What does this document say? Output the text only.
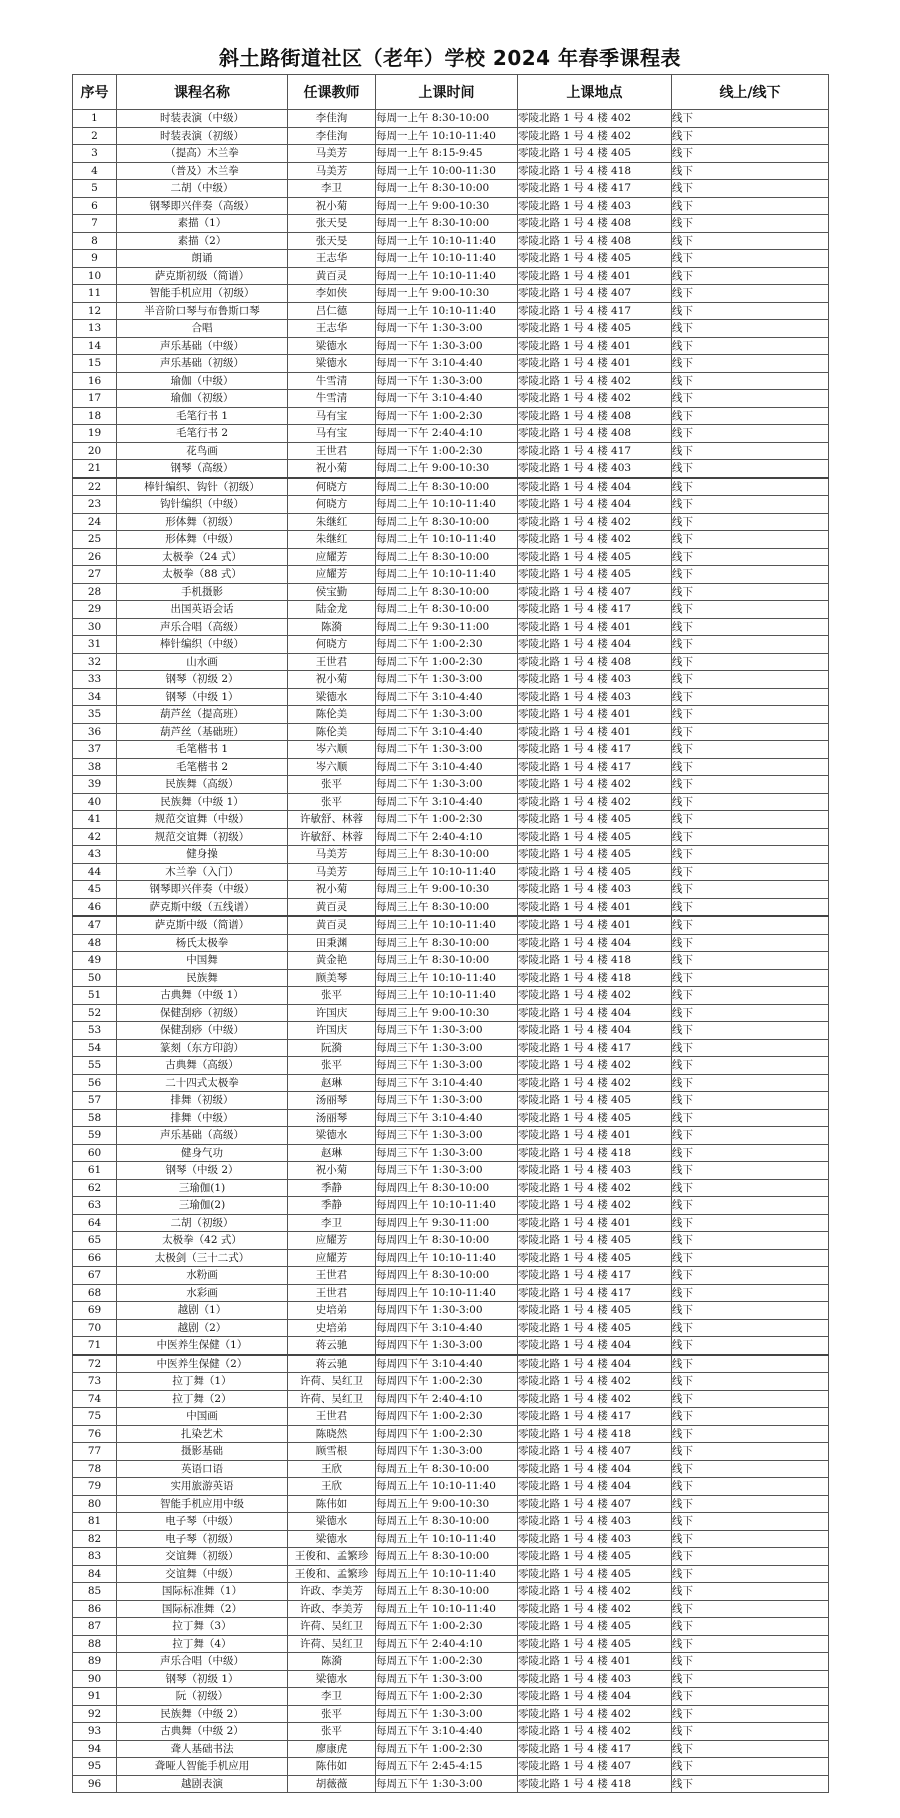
斜土路街道社区（老年）学校 2024 年春季课程表
序号	课程名称	任课教师	上课时间	上课地点	线上/线下
1	时装表演（中级）	李佳洵	每周一上午 8:30-10:00	零陵北路 1 号 4 楼 402	线下
2	时装表演（初级）	李佳洵	每周一上午 10:10-11:40	零陵北路 1 号 4 楼 402	线下
3	（提高）木兰拳	马美芳	每周一上午 8:15-9:45	零陵北路 1 号 4 楼 405	线下
4	（普及）木兰拳	马美芳	每周一上午 10:00-11:30	零陵北路 1 号 4 楼 418	线下
5	二胡（中级）	李卫	每周一上午 8:30-10:00	零陵北路 1 号 4 楼 417	线下
6	钢琴即兴伴奏（高级）	祝小菊	每周一上午 9:00-10:30	零陵北路 1 号 4 楼 403	线下
7	素描（1）	张天旻	每周一上午 8:30-10:00	零陵北路 1 号 4 楼 408	线下
8	素描（2）	张天旻	每周一上午 10:10-11:40	零陵北路 1 号 4 楼 408	线下
9	朗诵	王志华	每周一上午 10:10-11:40	零陵北路 1 号 4 楼 405	线下
10	萨克斯初级（简谱）	黄百灵	每周一上午 10:10-11:40	零陵北路 1 号 4 楼 401	线下
11	智能手机应用（初级）	李如侠	每周一上午 9:00-10:30	零陵北路 1 号 4 楼 407	线下
12	半音阶口琴与布鲁斯口琴	吕仁德	每周一上午 10:10-11:40	零陵北路 1 号 4 楼 417	线下
13	合唱	王志华	每周一下午 1:30-3:00	零陵北路 1 号 4 楼 405	线下
14	声乐基础（中级）	梁德水	每周一下午 1:30-3:00	零陵北路 1 号 4 楼 401	线下
15	声乐基础（初级）	梁德水	每周一下午 3:10-4:40	零陵北路 1 号 4 楼 401	线下
16	瑜伽（中级）	牛雪清	每周一下午 1:30-3:00	零陵北路 1 号 4 楼 402	线下
17	瑜伽（初级）	牛雪清	每周一下午 3:10-4:40	零陵北路 1 号 4 楼 402	线下
18	毛笔行书 1	马有宝	每周一下午 1:00-2:30	零陵北路 1 号 4 楼 408	线下
19	毛笔行书 2	马有宝	每周一下午 2:40-4:10	零陵北路 1 号 4 楼 408	线下
20	花鸟画	王世君	每周一下午 1:00-2:30	零陵北路 1 号 4 楼 417	线下
21	钢琴（高级）	祝小菊	每周二上午 9:00-10:30	零陵北路 1 号 4 楼 403	线下
22	棒针编织、钩针（初级）	何晓方	每周二上午 8:30-10:00	零陵北路 1 号 4 楼 404	线下
23	钩针编织（中级）	何晓方	每周二上午 10:10-11:40	零陵北路 1 号 4 楼 404	线下
24	形体舞（初级）	朱继红	每周二上午 8:30-10:00	零陵北路 1 号 4 楼 402	线下
25	形体舞（中级）	朱继红	每周二上午 10:10-11:40	零陵北路 1 号 4 楼 402	线下
26	太极拳（24 式）	应耀芳	每周二上午 8:30-10:00	零陵北路 1 号 4 楼 405	线下
27	太极拳（88 式）	应耀芳	每周二上午 10:10-11:40	零陵北路 1 号 4 楼 405	线下
28	手机摄影	侯宝勤	每周二上午 8:30-10:00	零陵北路 1 号 4 楼 407	线下
29	出国英语会话	陆金龙	每周二上午 8:30-10:00	零陵北路 1 号 4 楼 417	线下
30	声乐合唱（高级）	陈漪	每周二上午 9:30-11:00	零陵北路 1 号 4 楼 401	线下
31	棒针编织（中级）	何晓方	每周二下午 1:00-2:30	零陵北路 1 号 4 楼 404	线下
32	山水画	王世君	每周二下午 1:00-2:30	零陵北路 1 号 4 楼 408	线下
33	钢琴（初级 2）	祝小菊	每周二下午 1:30-3:00	零陵北路 1 号 4 楼 403	线下
34	钢琴（中级 1）	梁德水	每周二下午 3:10-4:40	零陵北路 1 号 4 楼 403	线下
35	葫芦丝（提高班）	陈伦美	每周二下午 1:30-3:00	零陵北路 1 号 4 楼 401	线下
36	葫芦丝（基础班）	陈伦美	每周二下午 3:10-4:40	零陵北路 1 号 4 楼 401	线下
37	毛笔楷书 1	岑六顺	每周二下午 1:30-3:00	零陵北路 1 号 4 楼 417	线下
38	毛笔楷书 2	岑六顺	每周二下午 3:10-4:40	零陵北路 1 号 4 楼 417	线下
39	民族舞（高级）	张平	每周二下午 1:30-3:00	零陵北路 1 号 4 楼 402	线下
40	民族舞（中级 1）	张平	每周二下午 3:10-4:40	零陵北路 1 号 4 楼 402	线下
41	规范交谊舞（中级）	许敏舒、林蓉	每周二下午 1:00-2:30	零陵北路 1 号 4 楼 405	线下
42	规范交谊舞（初级）	许敏舒、林蓉	每周二下午 2:40-4:10	零陵北路 1 号 4 楼 405	线下
43	健身操	马美芳	每周三上午 8:30-10:00	零陵北路 1 号 4 楼 405	线下
44	木兰拳（入门）	马美芳	每周三上午 10:10-11:40	零陵北路 1 号 4 楼 405	线下
45	钢琴即兴伴奏（中级）	祝小菊	每周三上午 9:00-10:30	零陵北路 1 号 4 楼 403	线下
46	萨克斯中级（五线谱）	黄百灵	每周三上午 8:30-10:00	零陵北路 1 号 4 楼 401	线下
47	萨克斯中级（简谱）	黄百灵	每周三上午 10:10-11:40	零陵北路 1 号 4 楼 401	线下
48	杨氏太极拳	田秉渊	每周三上午 8:30-10:00	零陵北路 1 号 4 楼 404	线下
49	中国舞	黄金艳	每周三上午 8:30-10:00	零陵北路 1 号 4 楼 418	线下
50	民族舞	顾美琴	每周三上午 10:10-11:40	零陵北路 1 号 4 楼 418	线下
51	古典舞（中级 1）	张平	每周三上午 10:10-11:40	零陵北路 1 号 4 楼 402	线下
52	保健刮痧（初级）	许国庆	每周三上午 9:00-10:30	零陵北路 1 号 4 楼 404	线下
53	保健刮痧（中级）	许国庆	每周三下午 1:30-3:00	零陵北路 1 号 4 楼 404	线下
54	篆刻（东方印韵）	阮漪	每周三下午 1:30-3:00	零陵北路 1 号 4 楼 417	线下
55	古典舞（高级）	张平	每周三下午 1:30-3:00	零陵北路 1 号 4 楼 402	线下
56	二十四式太极拳	赵琳	每周三下午 3:10-4:40	零陵北路 1 号 4 楼 402	线下
57	排舞（初级）	汤丽琴	每周三下午 1:30-3:00	零陵北路 1 号 4 楼 405	线下
58	排舞（中级）	汤丽琴	每周三下午 3:10-4:40	零陵北路 1 号 4 楼 405	线下
59	声乐基础（高级）	梁德水	每周三下午 1:30-3:00	零陵北路 1 号 4 楼 401	线下
60	健身气功	赵琳	每周三下午 1:30-3:00	零陵北路 1 号 4 楼 418	线下
61	钢琴（中级 2）	祝小菊	每周三下午 1:30-3:00	零陵北路 1 号 4 楼 403	线下
62	三瑜伽(1)	季静	每周四上午 8:30-10:00	零陵北路 1 号 4 楼 402	线下
63	三瑜伽(2)	季静	每周四上午 10:10-11:40	零陵北路 1 号 4 楼 402	线下
64	二胡（初级）	李卫	每周四上午 9:30-11:00	零陵北路 1 号 4 楼 401	线下
65	太极拳（42 式）	应耀芳	每周四上午 8:30-10:00	零陵北路 1 号 4 楼 405	线下
66	太极剑（三十二式）	应耀芳	每周四上午 10:10-11:40	零陵北路 1 号 4 楼 405	线下
67	水粉画	王世君	每周四上午 8:30-10:00	零陵北路 1 号 4 楼 417	线下
68	水彩画	王世君	每周四上午 10:10-11:40	零陵北路 1 号 4 楼 417	线下
69	越剧（1）	史培弟	每周四下午 1:30-3:00	零陵北路 1 号 4 楼 405	线下
70	越剧（2）	史培弟	每周四下午 3:10-4:40	零陵北路 1 号 4 楼 405	线下
71	中医养生保健（1）	蒋云驰	每周四下午 1:30-3:00	零陵北路 1 号 4 楼 404	线下
72	中医养生保健（2）	蒋云驰	每周四下午 3:10-4:40	零陵北路 1 号 4 楼 404	线下
73	拉丁舞（1）	许荷、吴红卫	每周四下午 1:00-2:30	零陵北路 1 号 4 楼 402	线下
74	拉丁舞（2）	许荷、吴红卫	每周四下午 2:40-4:10	零陵北路 1 号 4 楼 402	线下
75	中国画	王世君	每周四下午 1:00-2:30	零陵北路 1 号 4 楼 417	线下
76	扎染艺术	陈晓然	每周四下午 1:00-2:30	零陵北路 1 号 4 楼 418	线下
77	摄影基础	顾雪根	每周四下午 1:30-3:00	零陵北路 1 号 4 楼 407	线下
78	英语口语	王欣	每周五上午 8:30-10:00	零陵北路 1 号 4 楼 404	线下
79	实用旅游英语	王欣	每周五上午 10:10-11:40	零陵北路 1 号 4 楼 404	线下
80	智能手机应用中级	陈伟如	每周五上午 9:00-10:30	零陵北路 1 号 4 楼 407	线下
81	电子琴（中级）	梁德水	每周五上午 8:30-10:00	零陵北路 1 号 4 楼 403	线下
82	电子琴（初级）	梁德水	每周五上午 10:10-11:40	零陵北路 1 号 4 楼 403	线下
83	交谊舞（初级）	王俊和、孟繁珍	每周五上午 8:30-10:00	零陵北路 1 号 4 楼 405	线下
84	交谊舞（中级）	王俊和、孟繁珍	每周五上午 10:10-11:40	零陵北路 1 号 4 楼 405	线下
85	国际标准舞（1）	许政、李美芳	每周五上午 8:30-10:00	零陵北路 1 号 4 楼 402	线下
86	国际标准舞（2）	许政、李美芳	每周五上午 10:10-11:40	零陵北路 1 号 4 楼 402	线下
87	拉丁舞（3）	许荷、吴红卫	每周五下午 1:00-2:30	零陵北路 1 号 4 楼 405	线下
88	拉丁舞（4）	许荷、吴红卫	每周五下午 2:40-4:10	零陵北路 1 号 4 楼 405	线下
89	声乐合唱（中级）	陈漪	每周五下午 1:00-2:30	零陵北路 1 号 4 楼 401	线下
90	钢琴（初级 1）	梁德水	每周五下午 1:30-3:00	零陵北路 1 号 4 楼 403	线下
91	阮（初级）	李卫	每周五下午 1:00-2:30	零陵北路 1 号 4 楼 404	线下
92	民族舞（中级 2）	张平	每周五下午 1:30-3:00	零陵北路 1 号 4 楼 402	线下
93	古典舞（中级 2）	张平	每周五下午 3:10-4:40	零陵北路 1 号 4 楼 402	线下
94	聋人基础书法	廖康虎	每周五下午 1:00-2:30	零陵北路 1 号 4 楼 417	线下
95	聋哑人智能手机应用	陈伟如	每周五下午 2:45-4:15	零陵北路 1 号 4 楼 407	线下
96	越剧表演	胡薇薇	每周五下午 1:30-3:00	零陵北路 1 号 4 楼 418	线下
